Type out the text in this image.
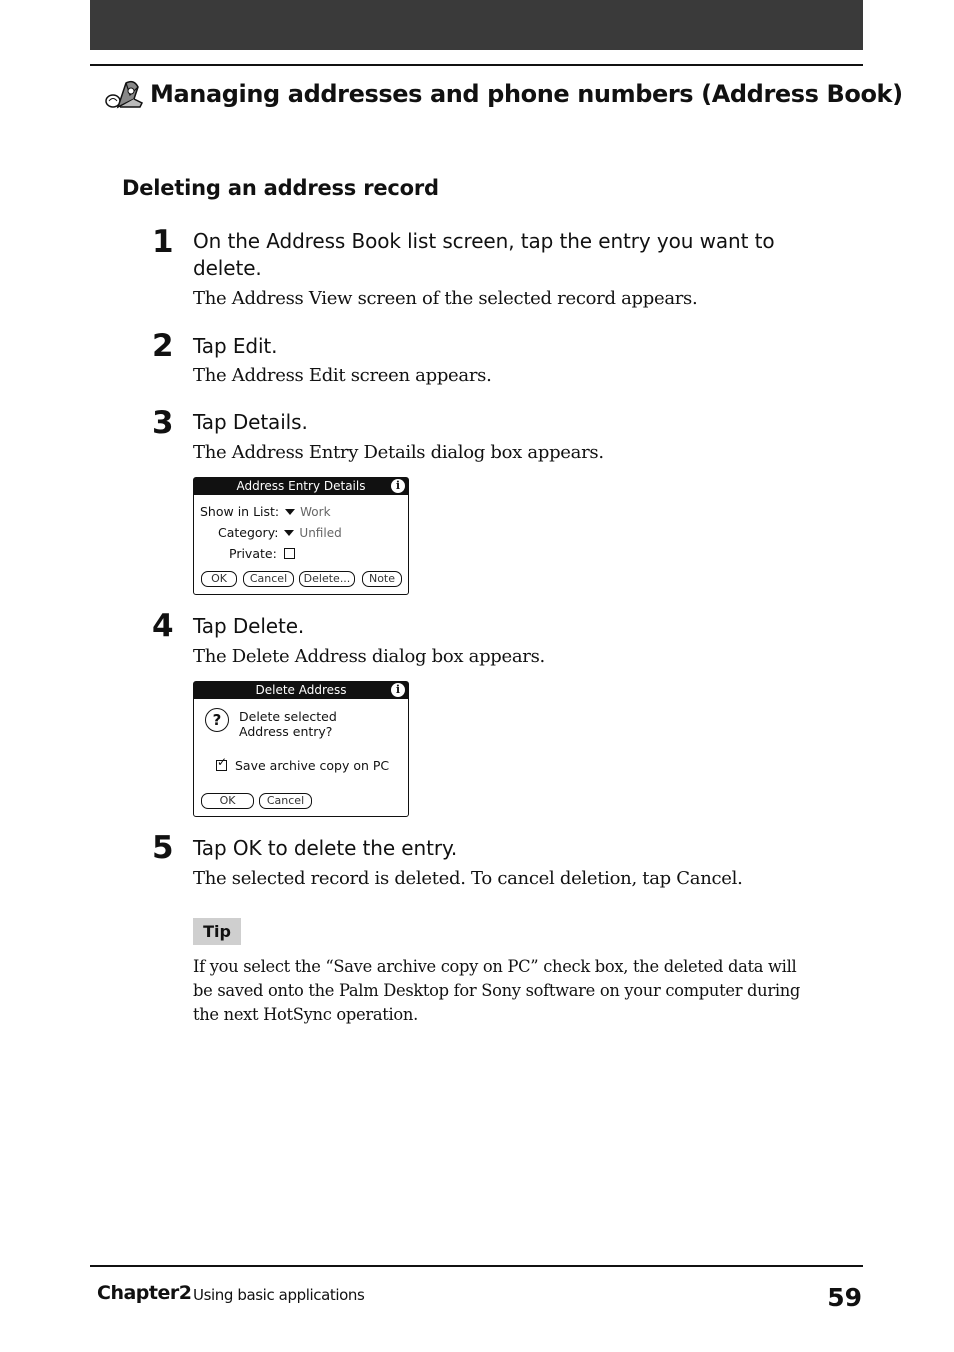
Managing addresses and phone numbers (Address Book)
Deleting an address record
1 On the Address Book list screen, tap the entry you want to delete.
The Address View screen of the selected record appears.
2 Tap Edit.
The Address Edit screen appears.
3 Tap Details.
The Address Entry Details dialog box appears.
Address Entry Details	i
Show in List: Work
Category: Unfiled
Private:
OK	Cancel	Delete...	Note
4 Tap Delete.
The Delete Address dialog box appears.
Delete Address	i
?	Delete selected
Address entry?
✓
Save archive copy on PC
OK	Cancel
5 Tap OK to delete the entry.
The selected record is deleted. To cancel deletion, tap Cancel.
Tip
If you select the “Save archive copy on PC” check box, the deleted data will be saved onto the Palm Desktop for Sony software on your computer during the next HotSync operation.
Chapter2 Using basic applications	59
